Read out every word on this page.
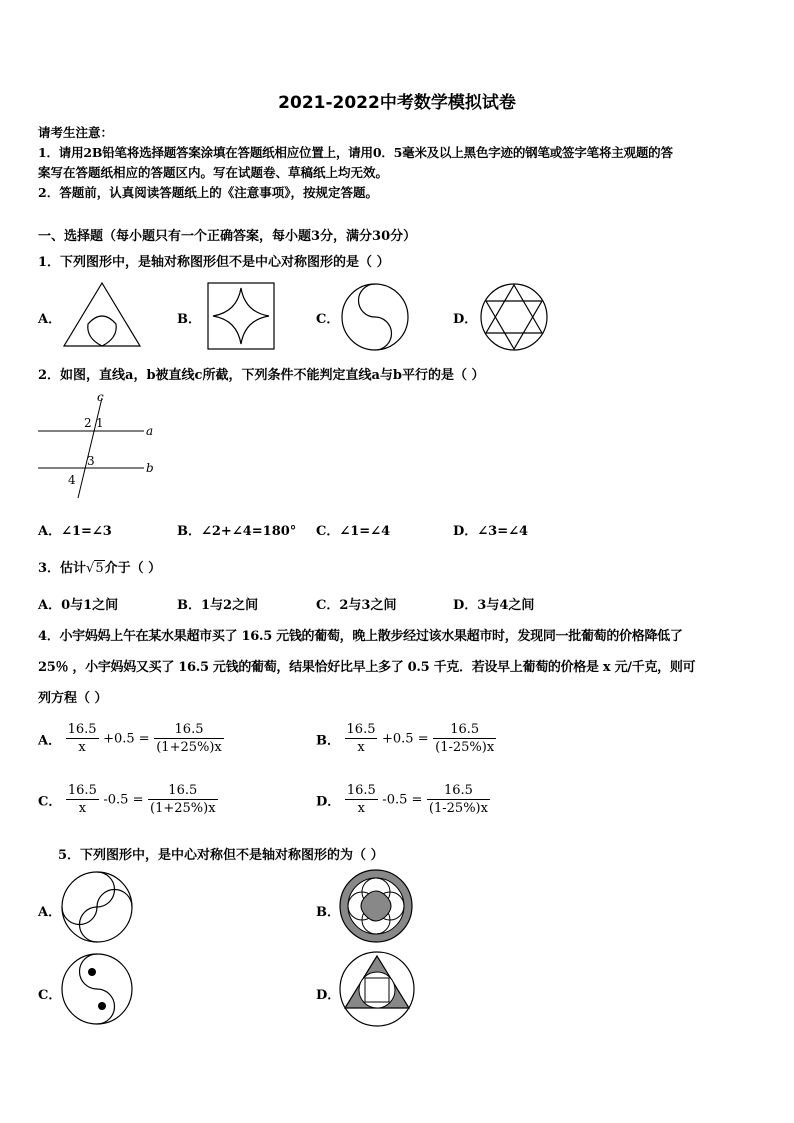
2021-2022中考数学模拟试卷
请考生注意：
1．请用2B铅笔将选择题答案涂填在答题纸相应位置上，请用0．5毫米及以上黑色字迹的钢笔或签字笔将主观题的答
案写在答题纸相应的答题区内。写在试题卷、草稿纸上均无效。
2．答题前，认真阅读答题纸上的《注意事项》，按规定答题。
一、选择题（每小题只有一个正确答案，每小题3分，满分30分）
1．下列图形中，是轴对称图形但不是中心对称图形的是（ ）
A．	B．	C．	D．
2．如图，直线a，b被直线c所截，下列条件不能判定直线a与b平行的是（ ）
c
a
b
2 1
3
4
A．∠1=∠3	B．∠2+∠4=180° C．∠1=∠4	D．∠3=∠4
3．估计√5介于（ ）
A．0与1之间	B．1与2之间	C．2与3之间	D．3与4之间
4．小宇妈妈上午在某水果超市买了 16.5 元钱的葡萄，晚上散步经过该水果超市时，发现同一批葡萄的价格降低了
25％ ，小宇妈妈又买了 16.5 元钱的葡萄，结果恰好比早上多了 0.5 千克．若设早上葡萄的价格是 x 元/千克，则可
列方程（ ）
A． $\frac{16.5}{x} +0.5 = \frac{16.5}{(1+25\%)x}$	B． $\frac{16.5}{x} +0.5 = \frac{16.5}{(1-25\%)x}$
C． $\frac{16.5}{x} -0.5 = \frac{16.5}{(1+25\%)x}$	D． $\frac{16.5}{x} -0.5 = \frac{16.5}{(1-25\%)x}$
5．下列图形中，是中心对称但不是轴对称图形的为（ ）
A．	B．
C．	D．
